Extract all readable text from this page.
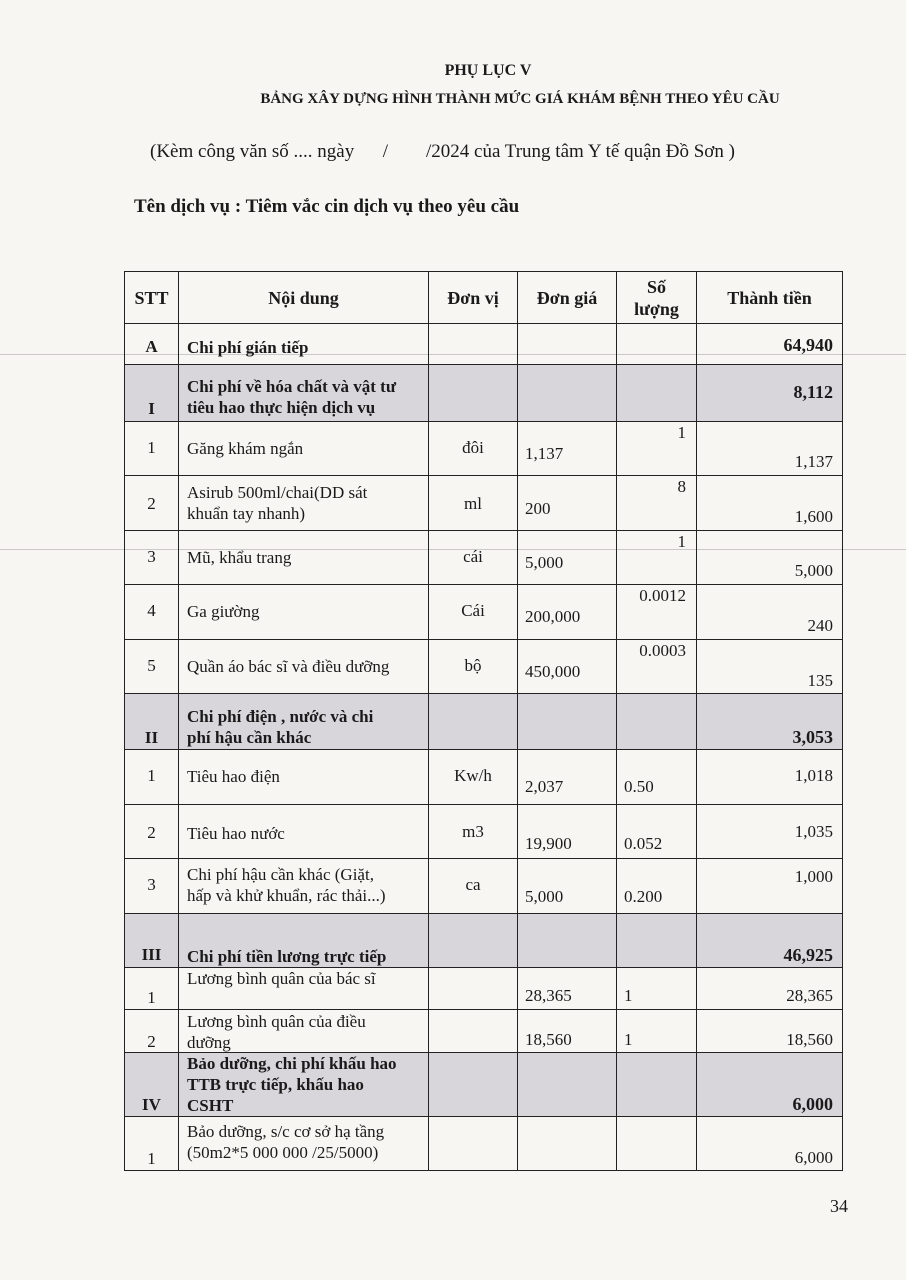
PHỤ LỤC V
BẢNG XÂY DỰNG HÌNH THÀNH MỨC GIÁ KHÁM BỆNH THEO YÊU CẦU
(Kèm công văn số .... ngày      /        /2024 của Trung tâm Y tế quận Đồ Sơn )
Tên dịch vụ : Tiêm vắc cin dịch vụ theo yêu cầu
STT	Nội dung	Đơn vị	Đơn giá	Số lượng	Thành tiền

A	Chi phí gián tiếp				64,940

I	Chi phí về hóa chất và vật tư
tiêu hao thực hiện dịch vụ				8,112

1	Găng khám ngắn	đôi	1,137	1	1,137

2	Asirub 500ml/chai(DD sát
khuẩn tay nhanh)	ml	200	8	1,600

3	Mũ, khẩu trang	cái	5,000	1	5,000

4	Ga giường	Cái	200,000	0.0012	240

5	Quần áo bác sĩ và điều dưỡng	bộ	450,000	0.0003	135

II	Chi phí điện , nước và chi
phí hậu cần khác				3,053

1	Tiêu hao điện	Kw/h	2,037	0.50	1,018

2	Tiêu hao nước	m3	19,900	0.052	1,035

3	Chi phí hậu cần khác (Giặt,
hấp và khử khuẩn, rác thải...)	ca	5,000	0.200	1,000

III	Chi phí tiền lương trực tiếp				46,925

1	Lương bình quân của bác sĩ		28,365	1	28,365

2	Lương bình quân của điều
dưỡng		18,560	1	18,560

IV	Bảo dưỡng, chi phí khấu hao
TTB trực tiếp, khấu hao
CSHT				6,000

1	Bảo dưỡng, s/c cơ sở hạ tầng
(50m2*5 000 000 /25/5000)				6,000
34
